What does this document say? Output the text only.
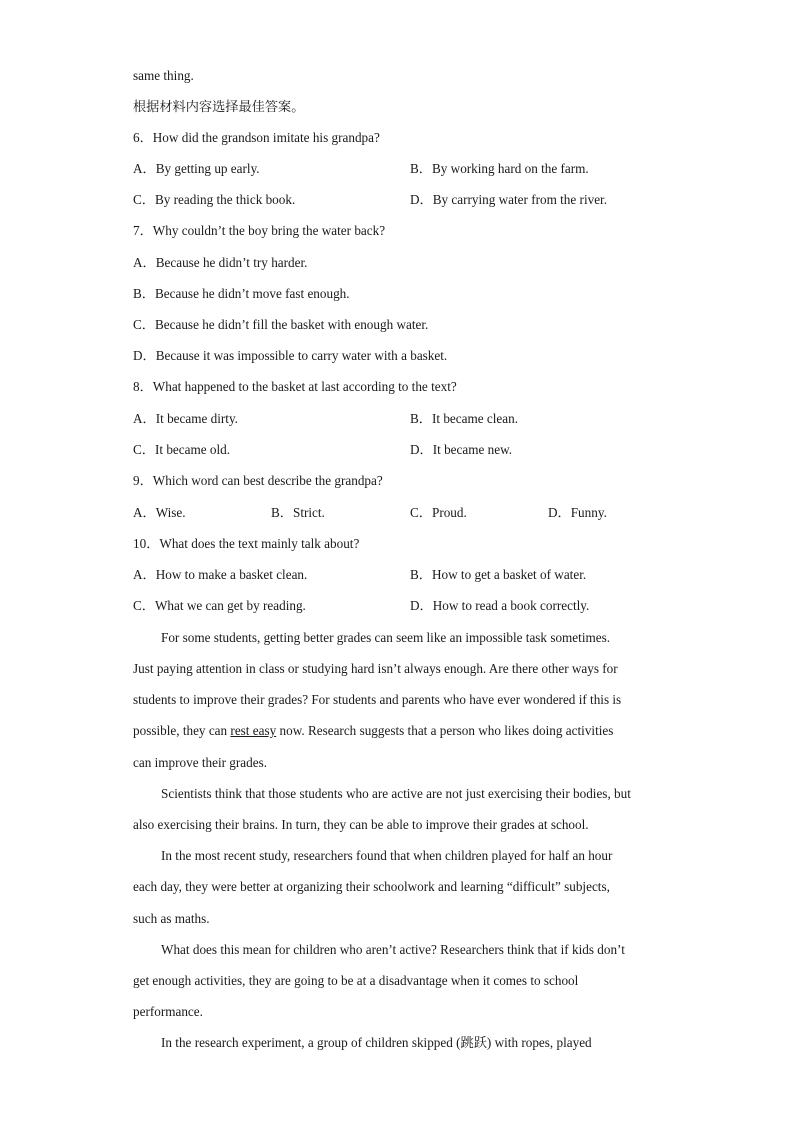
same thing.
根据材料内容选择最佳答案。
6．How did the grandson imitate his grandpa?
A．By getting up early.	B．By working hard on the farm.
C．By reading the thick book.	D．By carrying water from the river.
7．Why couldn’t the boy bring the water back?
A．Because he didn’t try harder.
B．Because he didn’t move fast enough.
C．Because he didn’t fill the basket with enough water.
D．Because it was impossible to carry water with a basket.
8．What happened to the basket at last according to the text?
A．It became dirty.	B．It became clean.
C．It became old.	D．It became new.
9．Which word can best describe the grandpa?
A．Wise.	B．Strict.	C．Proud.	D．Funny.
10．What does the text mainly talk about?
A．How to make a basket clean.	B．How to get a basket of water.
C．What we can get by reading.	D．How to read a book correctly.
For some students, getting better grades can seem like an impossible task sometimes.
Just paying attention in class or studying hard isn’t always enough. Are there other ways for
students to improve their grades? For students and parents who have ever wondered if this is
possible, they can rest easy now. Research suggests that a person who likes doing activities
can improve their grades.
Scientists think that those students who are active are not just exercising their bodies, but
also exercising their brains. In turn, they can be able to improve their grades at school.
In the most recent study, researchers found that when children played for half an hour
each day, they were better at organizing their schoolwork and learning “difficult” subjects,
such as maths.
What does this mean for children who aren’t active? Researchers think that if kids don’t
get enough activities, they are going to be at a disadvantage when it comes to school
performance.
In the research experiment, a group of children skipped (跳跃) with ropes, played
